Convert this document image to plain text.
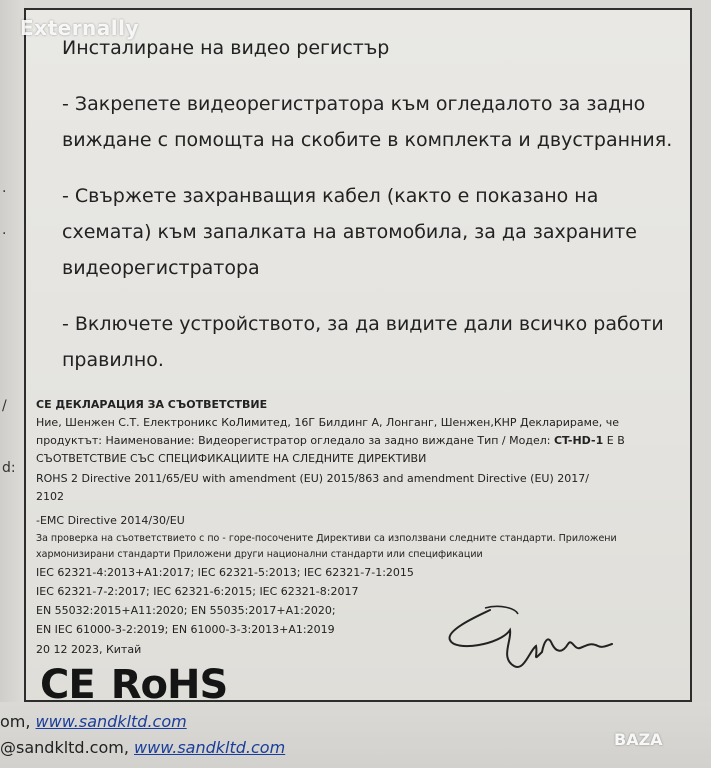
.
.
/
d:
Инсталиране на видео регистър
- Закрепете видеорегистратора към огледалото за задно
виждане с помощта на скобите в комплекта и двустранния.
- Свържете захранващия кабел (както е показано на
схемата) към запалката на автомобила, за да захраните
видеорегистратора
- Включете устройството, за да видите дали всичко работи
правилно.
CE ДЕКЛАРАЦИЯ ЗА СЪОТВЕТСТВИЕ
Ние, Шенжен С.Т. Електроникс КоЛимитед, 16Г Билдинг А, Лонганг, Шенжен,КНР Декларираме, че
продуктът: Наименование: Видеорегистратор огледало за задно виждане Тип / Модел: CT-HD-1 Е В
СЪОТВЕТСТВИЕ СЪС СПЕЦИФИКАЦИИТЕ НА СЛЕДНИТЕ ДИРЕКТИВИ
ROHS 2 Directive 2011/65/EU with amendment (EU) 2015/863 and amendment Directive (EU) 2017/
2102
-EMC Directive 2014/30/EU
За проверка на съответствието с по - горе-посочените Директиви са използвани следните стандарти. Приложени
хармонизирани стандарти Приложени други национални стандарти или спецификации
IEC 62321-4:2013+A1:2017; IEC 62321-5:2013; IEC 62321-7-1:2015
IEC 62321-7-2:2017; IEC 62321-6:2015; IEC 62321-8:2017
EN 55032:2015+A11:2020; EN 55035:2017+A1:2020;
EN IEC 61000-3-2:2019; EN 61000-3-3:2013+A1:2019
20 12 2023, Китай
CE RoHS
Externally
om, www.sandkltd.com
@sandkltd.com, www.sandkltd.com	BAZA
